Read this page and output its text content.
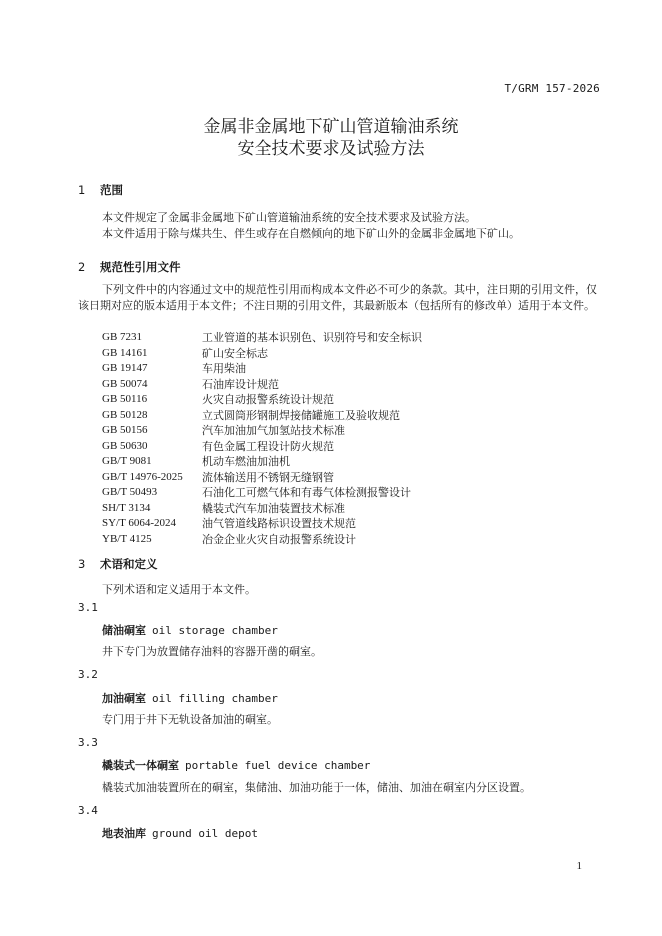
T/GRM 157-2026
金属非金属地下矿山管道输油系统
安全技术要求及试验方法
1 范围
本文件规定了金属非金属地下矿山管道输油系统的安全技术要求及试验方法。
本文件适用于除与煤共生、伴生或存在自燃倾向的地下矿山外的金属非金属地下矿山。
2 规范性引用文件
下列文件中的内容通过文中的规范性引用而构成本文件必不可少的条款。其中，注日期的引用文件，仅该日期对应的版本适用于本文件；不注日期的引用文件，其最新版本（包括所有的修改单）适用于本文件。
GB 7231	工业管道的基本识别色、识别符号和安全标识
GB 14161	矿山安全标志
GB 19147	车用柴油
GB 50074	石油库设计规范
GB 50116	火灾自动报警系统设计规范
GB 50128	立式圆筒形钢制焊接储罐施工及验收规范
GB 50156	汽车加油加气加氢站技术标准
GB 50630	有色金属工程设计防火规范
GB/T 9081	机动车燃油加油机
GB/T 14976-2025	流体输送用不锈钢无缝钢管
GB/T 50493	石油化工可燃气体和有毒气体检测报警设计
SH/T 3134	橇装式汽车加油装置技术标准
SY/T 6064-2024	油气管道线路标识设置技术规范
YB/T 4125	冶金企业火灾自动报警系统设计
3 术语和定义
下列术语和定义适用于本文件。
3.1
储油硐室 oil storage chamber
井下专门为放置储存油料的容器开凿的硐室。
3.2
加油硐室 oil filling chamber
专门用于井下无轨设备加油的硐室。
3.3
橇装式一体硐室 portable fuel device chamber
橇装式加油装置所在的硐室，集储油、加油功能于一体，储油、加油在硐室内分区设置。
3.4
地表油库 ground oil depot
1
